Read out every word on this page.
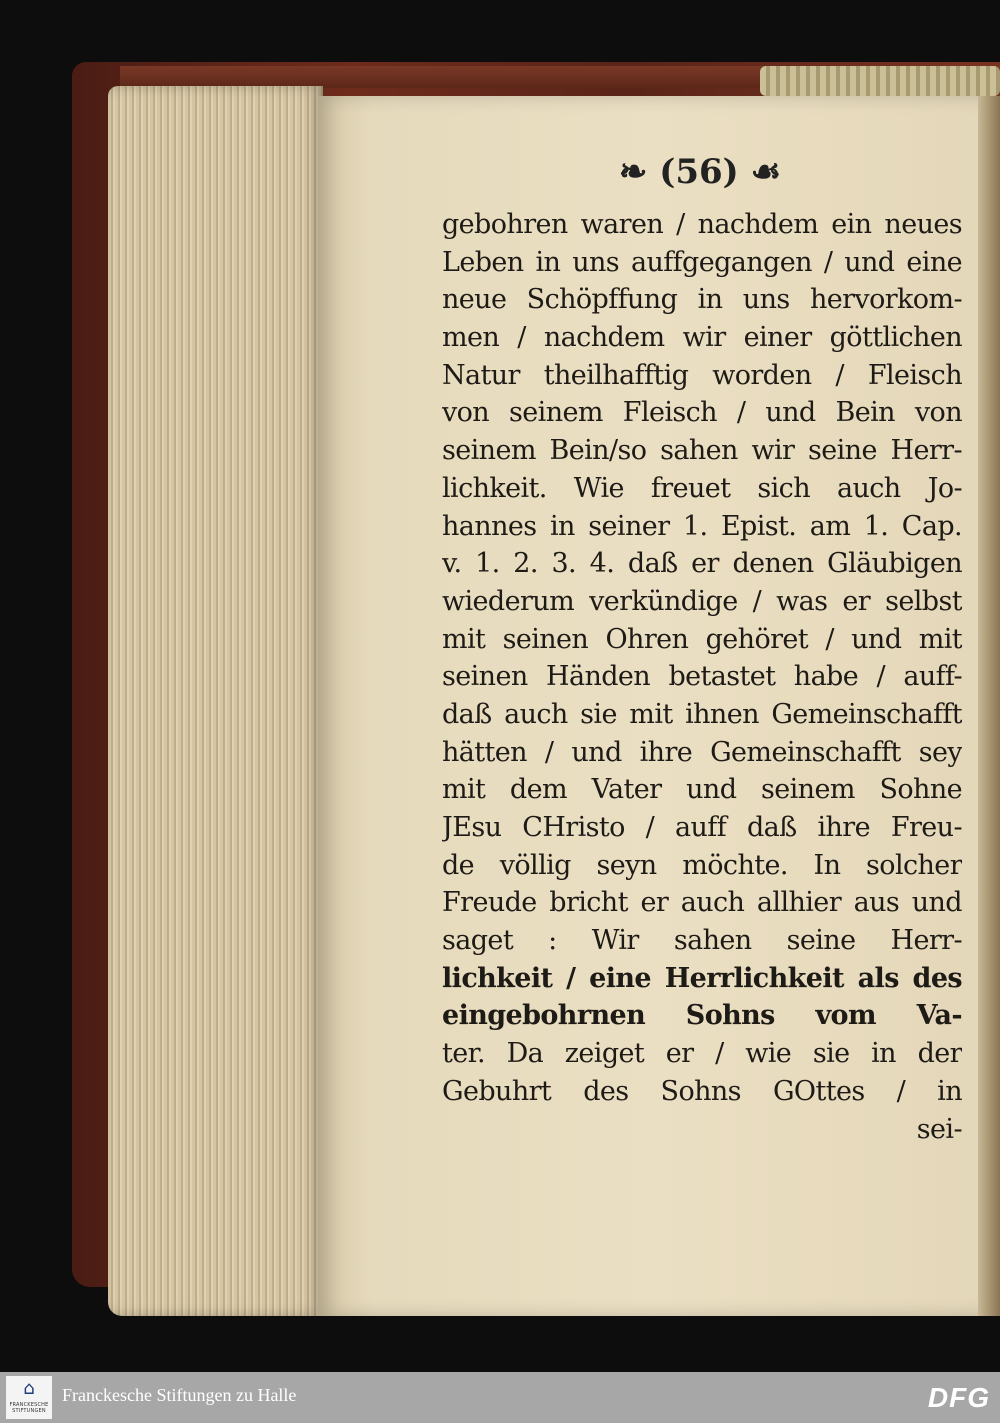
❧ (56) ☙
gebohren waren / nachdem ein neues
Leben in uns auffgegangen / und eine
neue Schöpffung in uns hervorkom-
men / nachdem wir einer göttlichen
Natur theilhafftig worden / Fleisch
von seinem Fleisch / und Bein von
seinem Bein/so sahen wir seine Herr-
lichkeit. Wie freuet sich auch Jo-
hannes in seiner 1. Epist. am 1. Cap.
v. 1. 2. 3. 4. daß er denen Gläubigen
wiederum verkündige / was er selbst
mit seinen Ohren gehöret / und mit
seinen Händen betastet habe / auff-
daß auch sie mit ihnen Gemeinschafft
hätten / und ihre Gemeinschafft sey
mit dem Vater und seinem Sohne
JEsu CHristo / auff daß ihre Freu-
de völlig seyn möchte. In solcher
Freude bricht er auch allhier aus und
saget : Wir sahen seine Herr-
lichkeit / eine Herrlichkeit als des
eingebohrnen Sohns vom Va-
ter. Da zeiget er / wie sie in der
Gebuhrt des Sohns GOttes / in
sei-
⌂
FRANCKESCHE STIFTUNGEN
Franckesche Stiftungen zu Halle	DFG
